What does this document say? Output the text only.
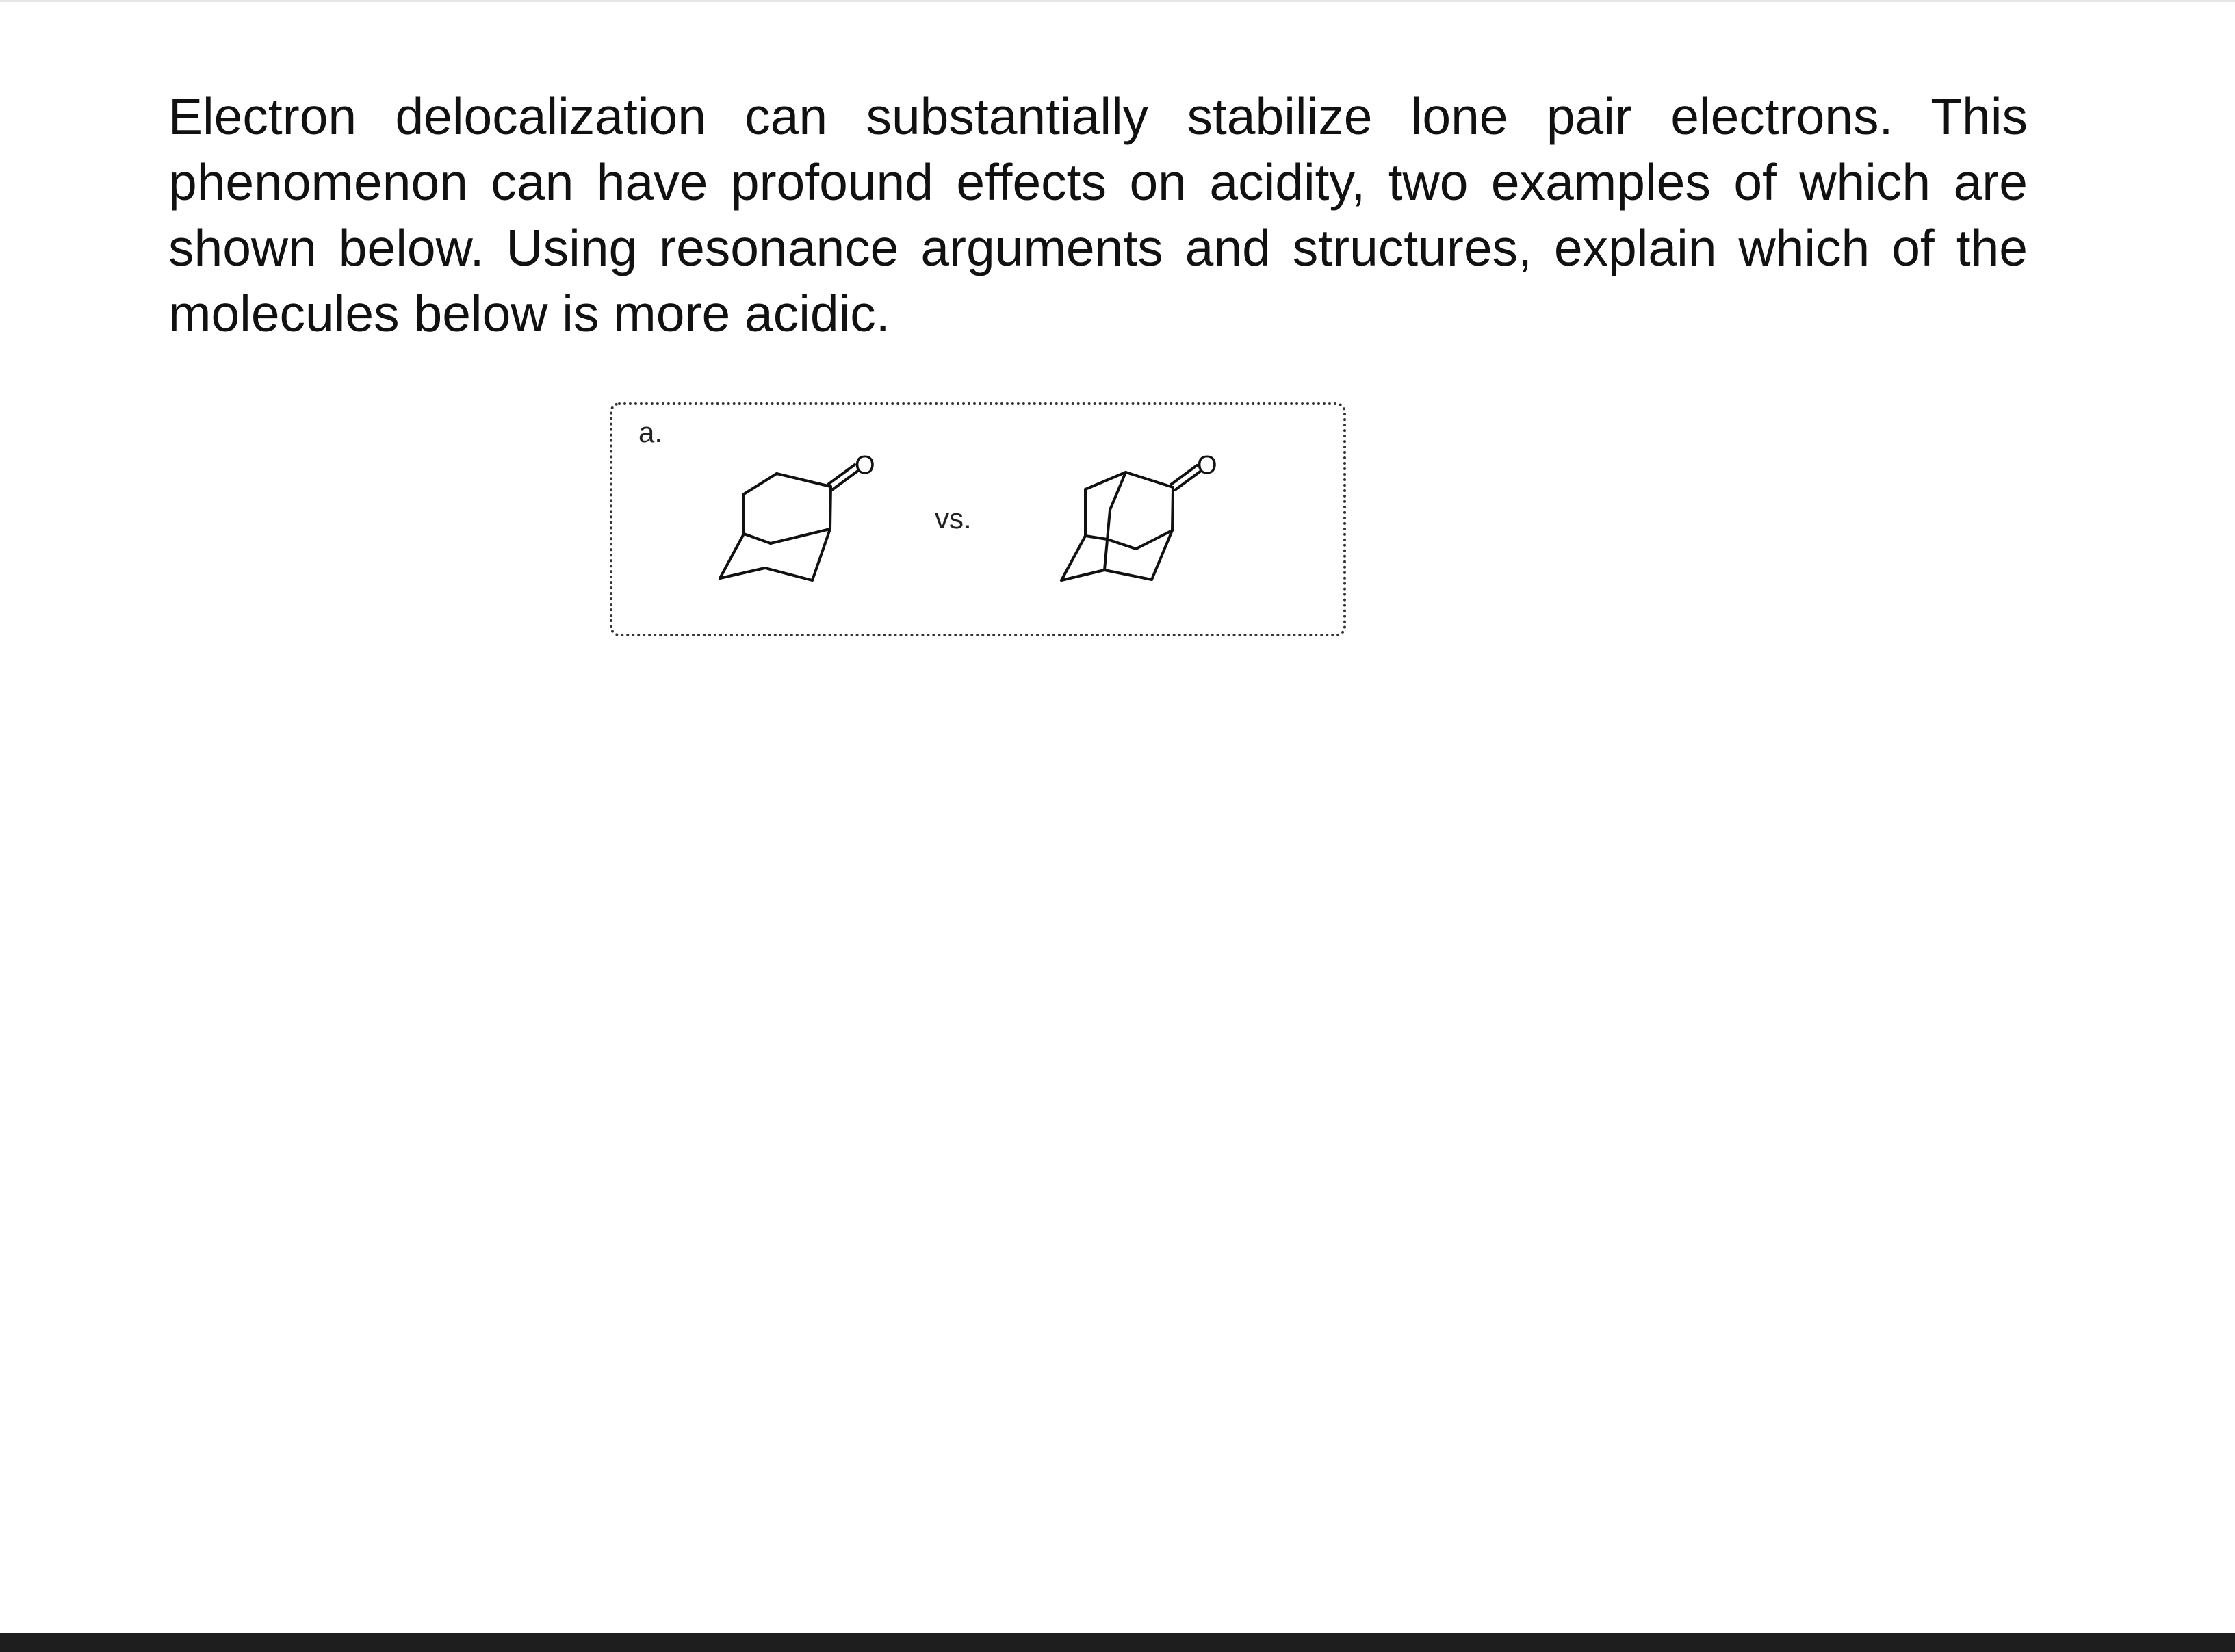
Electron delocalization can substantially stabilize lone pair electrons. This phenomenon can have profound effects on acidity, two examples of which are shown below. Using resonance arguments and structures, explain which of the molecules below is more acidic.

a.
O
vs.
O
